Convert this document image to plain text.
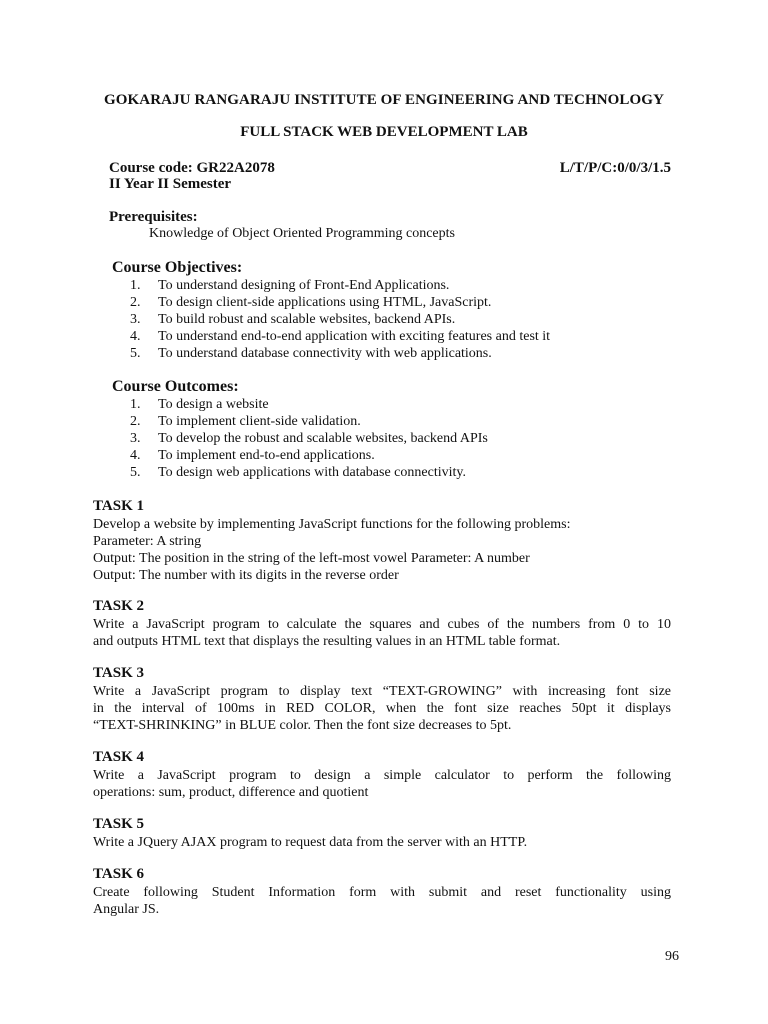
GOKARAJU RANGARAJU INSTITUTE OF ENGINEERING AND TECHNOLOGY

FULL STACK WEB DEVELOPMENT LAB

Course code: GR22A2078	L/T/P/C:0/0/3/1.5
II Year II Semester
Prerequisites:
Knowledge of Object Oriented Programming concepts
Course Objectives:
1. To understand designing of Front-End Applications.
2. To design client-side applications using HTML, JavaScript.
3. To build robust and scalable websites, backend APIs.
4. To understand end-to-end application with exciting features and test it
5. To understand database connectivity with web applications.
Course Outcomes:
1. To design a website
2. To implement client-side validation.
3. To develop the robust and scalable websites, backend APIs
4. To implement end-to-end applications.
5. To design web applications with database connectivity.

TASK 1

Develop a website by implementing JavaScript functions for the following problems:

Parameter: A string

Output: The position in the string of the left-most vowel Parameter: A number

Output: The number with its digits in the reverse order

TASK 2

Write a JavaScript program to calculate the squares and cubes of the numbers from 0 to 10

and outputs HTML text that displays the resulting values in an HTML table format.

TASK 3

Write a JavaScript program to display text “TEXT-GROWING” with increasing font size

in the interval of 100ms in RED COLOR, when the font size reaches 50pt it displays

“TEXT-SHRINKING” in BLUE color. Then the font size decreases to 5pt.

TASK 4

Write a JavaScript program to design a simple calculator to perform the following

operations: sum, product, difference and quotient

TASK 5

Write a JQuery AJAX program to request data from the server with an HTTP.

TASK 6

Create following Student Information form with submit and reset functionality using

Angular JS.

96
